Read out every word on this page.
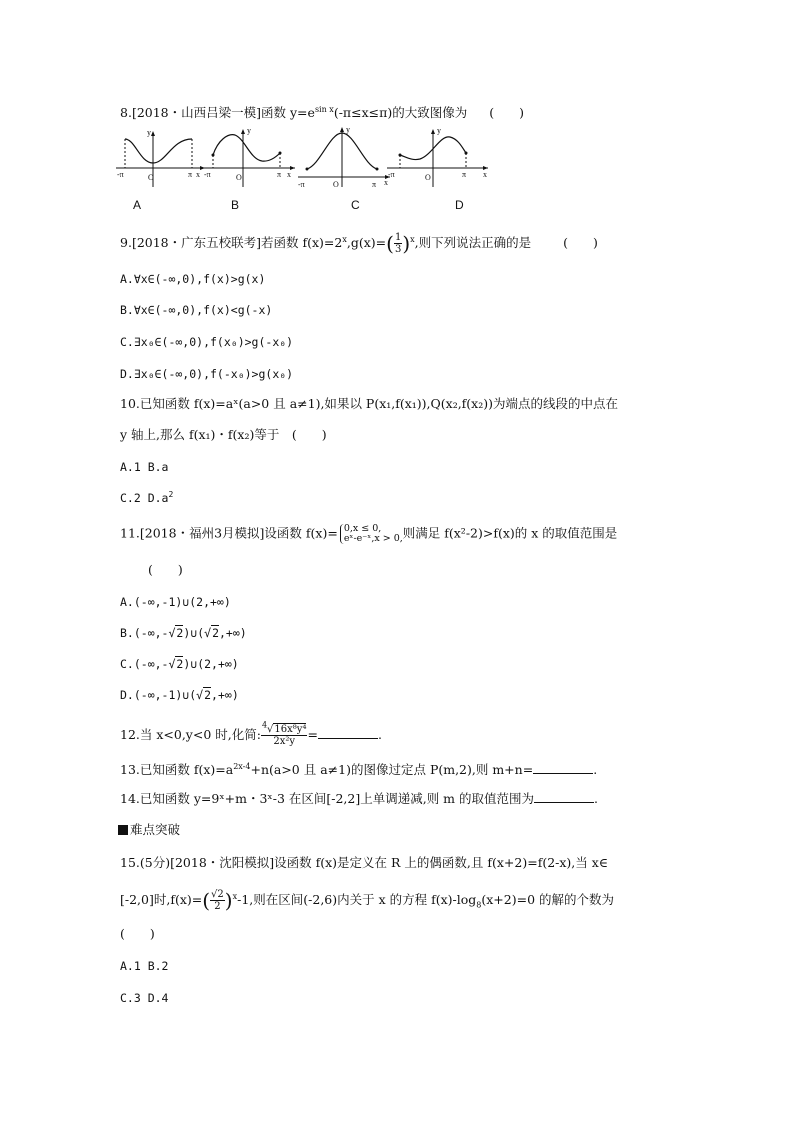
8.[2018・山西吕梁一模]函数 $y=e^{sin x}(-\pi\le x\le\pi)$的大致图像为 (　　)
y
O
-π	π x
y
O
-π	π x
y
O
-π	π x
y
O
-π	π x
A	B	C	D
9.[2018・广东五校联考]若函数 $f(x)=2^x,g(x)=( \frac{1}{3} )^x$,则下列说法正确的是	(　　)
A.∀x∈(-∞,0),f(x)>g(x)
B.∀x∈(-∞,0),f(x)<g(-x)
C.∃x₀∈(-∞,0),f(x₀)>g(-x₀)
D.∃x₀∈(-∞,0),f(-x₀)>g(x₀)
10.已知函数 f(x)=aˣ(a>0 且 a≠1),如果以 P(x₁,f(x₁)),Q(x₂,f(x₂))为端点的线段的中点在
y 轴上,那么 f(x₁)・f(x₂)等于　(　　)
A.1 B.a
C.2 $D.a^2$
11.[2018・福州3月模拟]设函数 f(x)= 0,x ≤ 0,
eˣ-e⁻ˣ,x > 0, 则满足 f(x²-2)>f(x)的 x 的取值范围是
(　　)
A.(-∞,-1)∪(2,+∞)
B.(-∞,-√2)∪(√2,+∞)
C.(-∞,-√2)∪(2,+∞)
D.(-∞,-1)∪(√2,+∞)
12.当 x<0,y<0 时,化简: $\frac{^4√16x^8y^4}{\text{2x²y}}$ =	.
13.已知函数 $f(x)=a^{2x-4}+n(a>0$ 且 a≠1)的图像过定点 P(m,2),则 m+n=	.
14.已知函数 y=9ˣ+m・3ˣ-3 在区间[-2,2]上单调递减,则 m 的取值范围为	.
难点突破
15.(5分)[2018・沈阳模拟]设函数 f(x)是定义在 R 上的偶函数,且 f(x+2)=f(2-x),当 x∈
[-2,0]时$,f(x)=( \frac{√2}{2} )^x-1$,则在区间(-2,6)内关于 x 的方程 $f(x)-\log_8(x+2)=0$ 的解的个数为
(　　)
A.1 B.2
C.3 D.4
